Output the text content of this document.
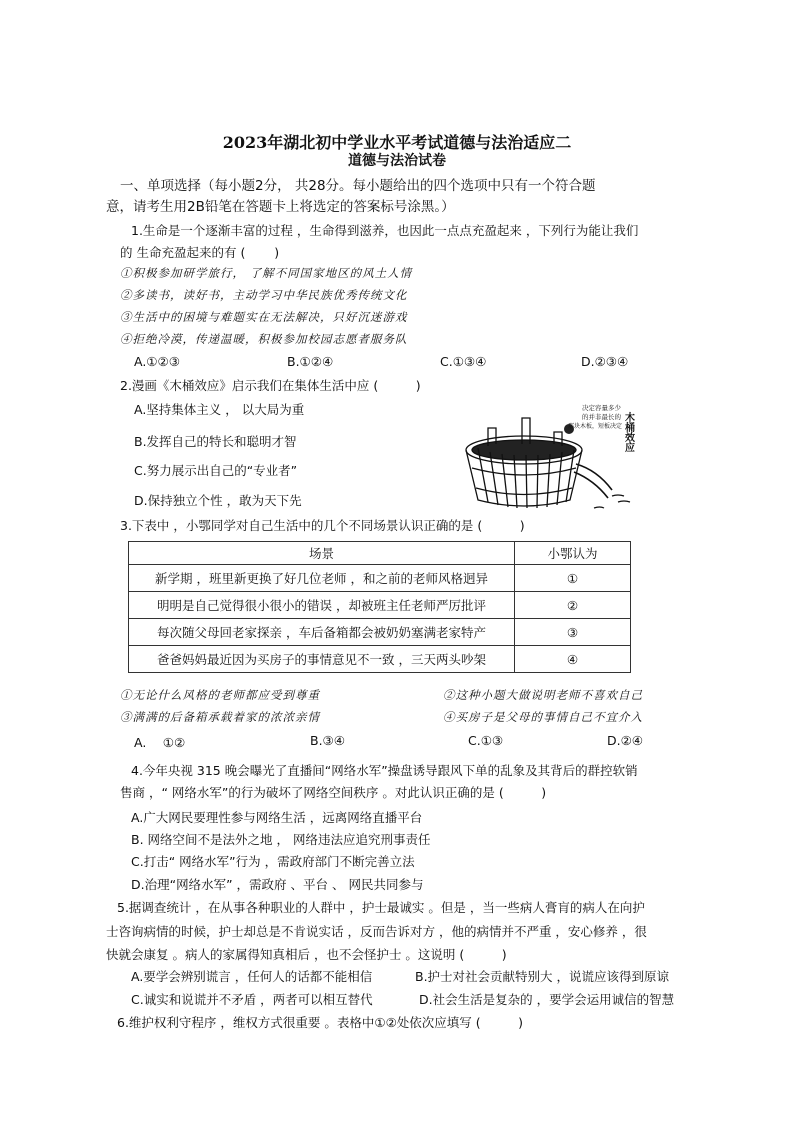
2023年湖北初中学业水平考试道德与法治适应二
道德与法治试卷
一、单项选择（每小题2分， 共28分。每小题给出的四个选项中只有一个符合题
意，请考生用2B铅笔在答题卡上将选定的答案标号涂黑。）
1.生命是一个逐渐丰富的过程 ，生命得到滋养，也因此一点点充盈起来 ，下列行为能让我们
的 生命充盈起来的有 (　　 )
①积极参加研学旅行， 了解不同国家地区的风土人情
②多读书，读好书，主动学习中华民族优秀传统文化
③生活中的困境与难题实在无法解决，只好沉迷游戏
④拒绝冷漠，传递温暖，积极参加校园志愿者服务队
A.①②③	B.①②④	C.①③④	D.②③④
2.漫画《木桶效应》启示我们在集体生活中应 (　　　)
A.坚持集体主义 ， 以大局为重
B.发挥自己的特长和聪明才智
C.努力展示出自己的“专业者”
D.保持独立个性 ，敢为天下先
决定容量多少
的并非最长的
那块木板，短板决定 木桶效应
3.下表中 ，小鄂同学对自己生活中的几个不同场景认识正确的是 (　　　)
场景	小鄂认为
新学期 ，班里新更换了好几位老师 ，和之前的老师风格迥异	①
明明是自己觉得很小很小的错误 ，却被班主任老师严厉批评	②
每次随父母回老家探亲 ，车后备箱都会被奶奶塞满老家特产	③
爸爸妈妈最近因为买房子的事情意见不一致 ，三天两头吵架	④
①无论什么风格的老师都应受到尊重	②这种小题大做说明老师不喜欢自己
③满满的后备箱承载着家的浓浓亲情	④买房子是父母的事情自己不宜介入
A.　 ①②	B.③④	C.①③	D.②④
4.今年央视 315 晚会曝光了直播间“网络水军”操盘诱导跟风下单的乱象及其背后的群控软销
售商 ，“ 网络水军”的行为破坏了网络空间秩序 。对此认识正确的是 (　　　)
A.广大网民要理性参与网络生活 ，远离网络直播平台
B. 网络空间不是法外之地 ， 网络违法应追究刑事责任
C.打击“ 网络水军”行为 ，需政府部门不断完善立法
D.治理“网络水军” ，需政府 、平台 、 网民共同参与
5.据调查统计 ，在从事各种职业的人群中 ，护士最诚实 。但是 ，当一些病人膏肓的病人在向护
士咨询病情的时候，护士却总是不肯说实话 ，反而告诉对方 ，他的病情并不严重 ，安心修养 ，很
快就会康复 。病人的家属得知真相后 ，也不会怪护士 。这说明 (　　　)
A.要学会辨别谎言 ，任何人的话都不能相信	B.护士对社会贡献特别大 ，说谎应该得到原谅
C.诚实和说谎并不矛盾 ，两者可以相互替代	D.社会生活是复杂的 ，要学会运用诚信的智慧
6.维护权利守程序 ，维权方式很重要 。表格中①②处依次应填写 (　　　)
